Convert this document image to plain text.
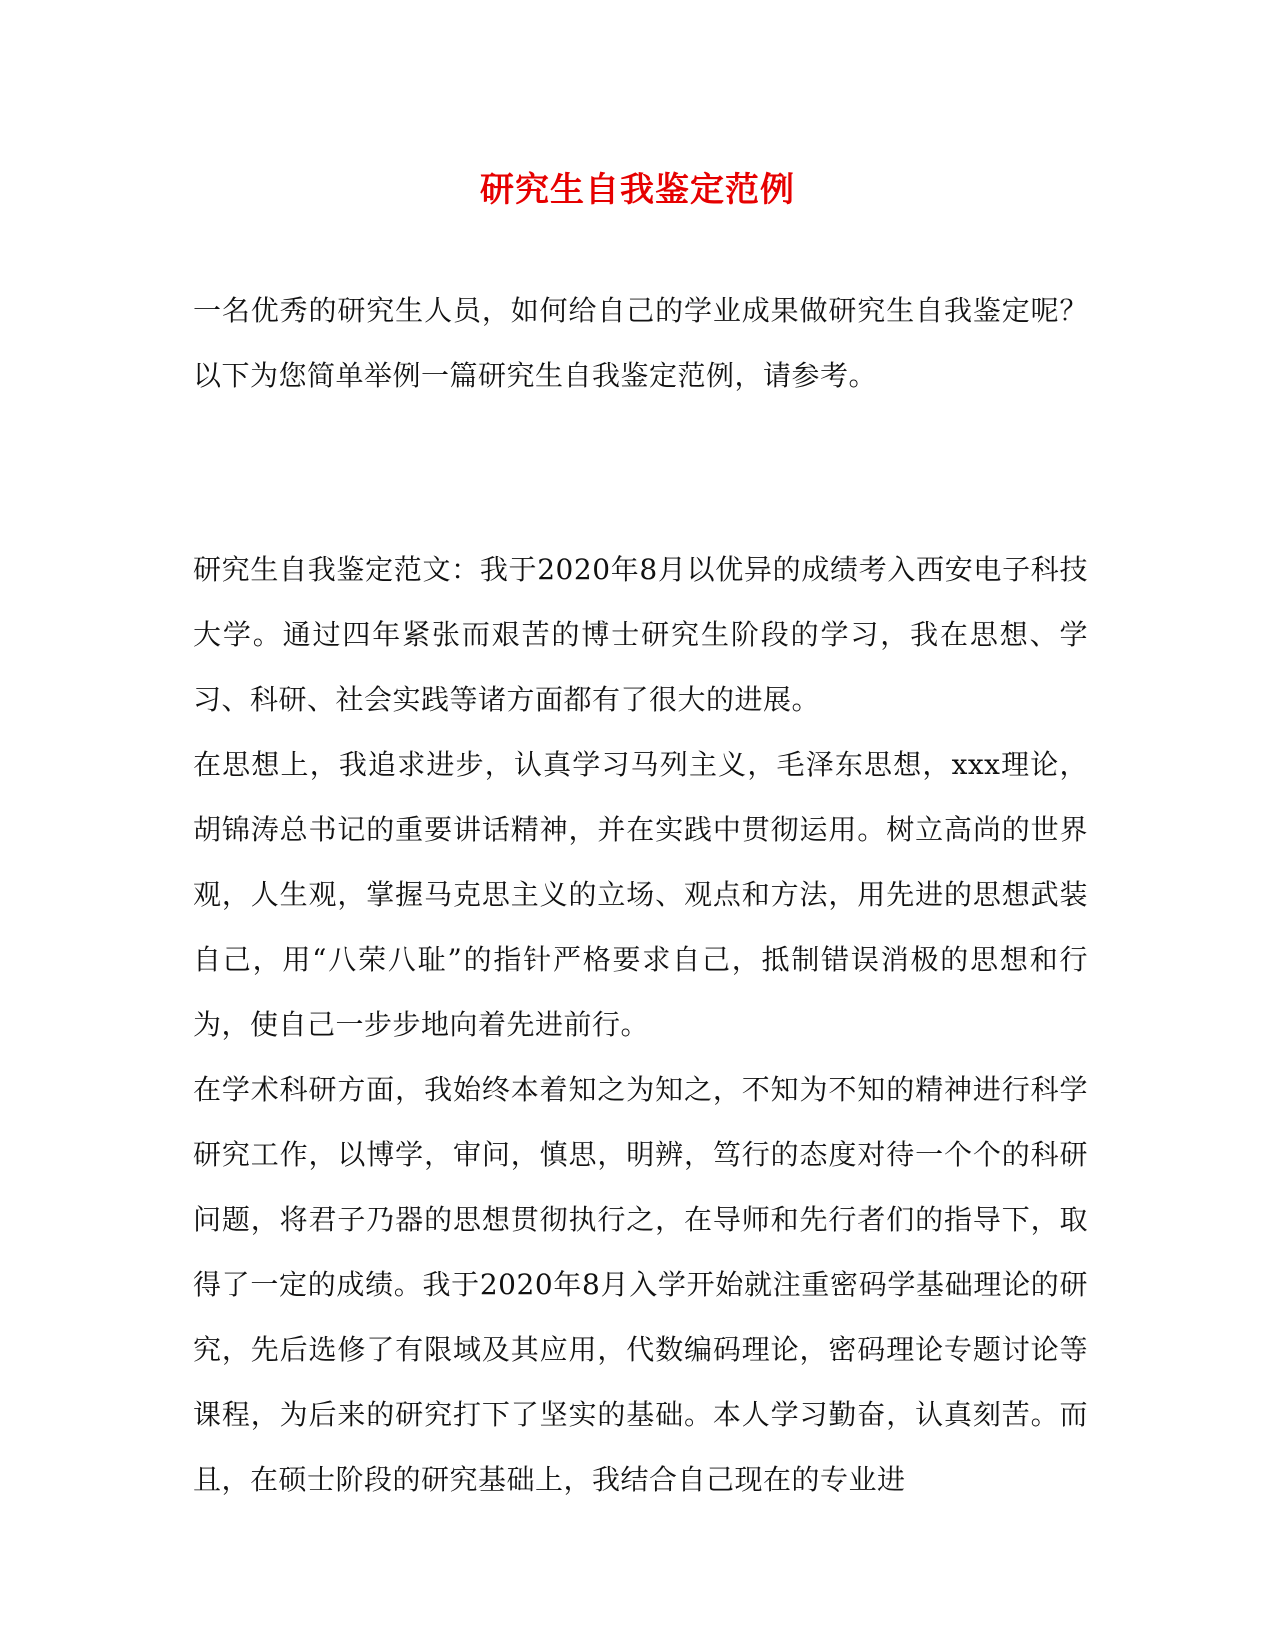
研究生自我鉴定范例

一名优秀的研究生人员，如何给自己的学业成果做研究生自我鉴定呢？以下为您简单举例一篇研究生自我鉴定范例，请参考。

研究生自我鉴定范文：我于2020年8月以优异的成绩考入西安电子科技大学。通过四年紧张而艰苦的博士研究生阶段的学习，我在思想、学习、科研、社会实践等诸方面都有了很大的进展。

在思想上，我追求进步，认真学习马列主义，毛泽东思想，xxx理论，胡锦涛总书记的重要讲话精神，并在实践中贯彻运用。树立高尚的世界观，人生观，掌握马克思主义的立场、观点和方法，用先进的思想武装自己，用“八荣八耻”的指针严格要求自己，抵制错误消极的思想和行为，使自己一步步地向着先进前行。

在学术科研方面，我始终本着知之为知之，不知为不知的精神进行科学研究工作，以博学，审问，慎思，明辨，笃行的态度对待一个个的科研问题，将君子乃器的思想贯彻执行之，在导师和先行者们的指导下，取得了一定的成绩。我于2020年8月入学开始就注重密码学基础理论的研究，先后选修了有限域及其应用，代数编码理论，密码理论专题讨论等课程，为后来的研究打下了坚实的基础。本人学习勤奋，认真刻苦。而且，在硕士阶段的研究基础上，我结合自己现在的专业进
